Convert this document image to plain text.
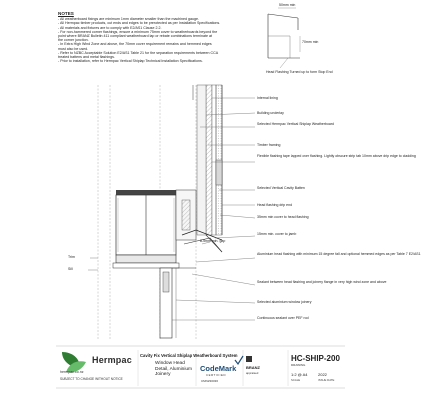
NOTES
- All weatherboard fixings are minimum 1mm diameter smaller than the machined gauge.
- All Hermpac timber products, cut ends and edges to be prerotected as per Installation Specifications.
- All materials and fixtures are to comply with E2/AS1 Clause 2.2.
- For non-hammered corner flashings, ensure a minimum 75mm cover to weatherboards beyond the
point where BRANZ Bulletin 411 compliant weatherboard lap or rebate combinations terminate at
the corner junction.
- In Extra High Wind Zone and above, the 70mm cover requirement remains and hemmed edges
must also be used.
- Refer to NZBC Acceptable Solution E2/AS1 Table 21 for the separation requirements between CCA
treated battens and metal flashings.
- Prior to installation, refer to Hermpac Vertical Shiplap Technical Installation Specifications.
50mm min
70mm min
Head Flashing Turned up to form Stop End
Internal lining
Building underlay
Selected Hermpac Vertical Shiplap Weatherboard
Timber framing
Flexible flashing tape lapped over flashing. Lightly obscure strip tab 10mm above drip edge to cladding
Selected Vertical Cavity Batten
Head flashing drip end
35mm min cover to head flashing
15mm min. cover to jamb
Aluminium head flashing with minimum 15 degree fall and optional hemmed edges as per Table 7 E2/AS1
Sealant between head flashing and joinery flange in very high wind zone and above
Selected aluminium window joinery
Continuous sealant over PEF rod
8-5mm min. gap
Trim
Sill
Hermpac
hermpac.co.nz
SUBJECT TO CHANGE WITHOUT NOTICE
Cavity Fix Vertical Shiplap Weatherboard System
Window Head
Detail, Aluminium
Joinery
CodeMark
CERTIFIED
CMNZ30036
BRANZ
appraised
HC-SHIP-200
DRAWING
1:2 @ A4	2022
SCALE	ISSUE DATE
